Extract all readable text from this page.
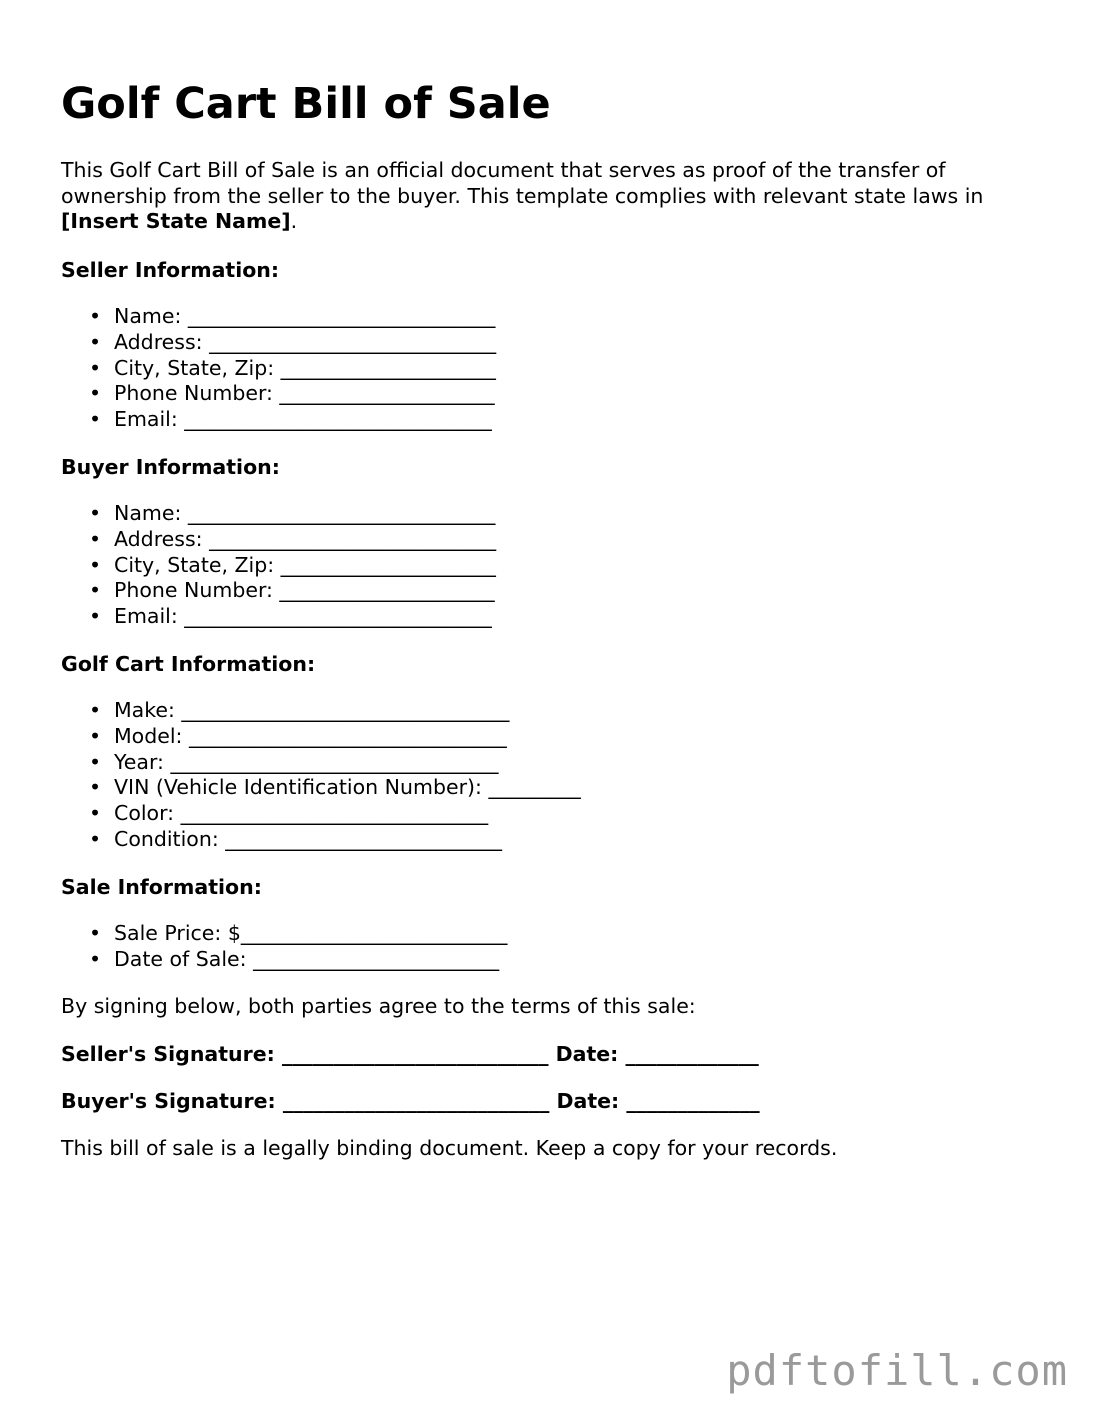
Golf Cart Bill of Sale

This Golf Cart Bill of Sale is an official document that serves as proof of the transfer of ownership from the seller to the buyer. This template complies with relevant state laws in [Insert State Name].

Seller Information:
• Name: ______________________________
• Address: ____________________________
• City, State, Zip: _____________________
• Phone Number: _____________________
• Email: ______________________________
Buyer Information:
• Name: ______________________________
• Address: ____________________________
• City, State, Zip: _____________________
• Phone Number: _____________________
• Email: ______________________________
Golf Cart Information:
• Make: ________________________________
• Model: _______________________________
• Year: ________________________________
• VIN (Vehicle Identification Number): _________
• Color: ______________________________
• Condition: ___________________________
Sale Information:
• Sale Price: $__________________________
• Date of Sale: ________________________

By signing below, both parties agree to the terms of this sale:

Seller's Signature: __________________________ Date: _____________

Buyer's Signature: __________________________ Date: _____________

This bill of sale is a legally binding document. Keep a copy for your records.

pdftofill.com
